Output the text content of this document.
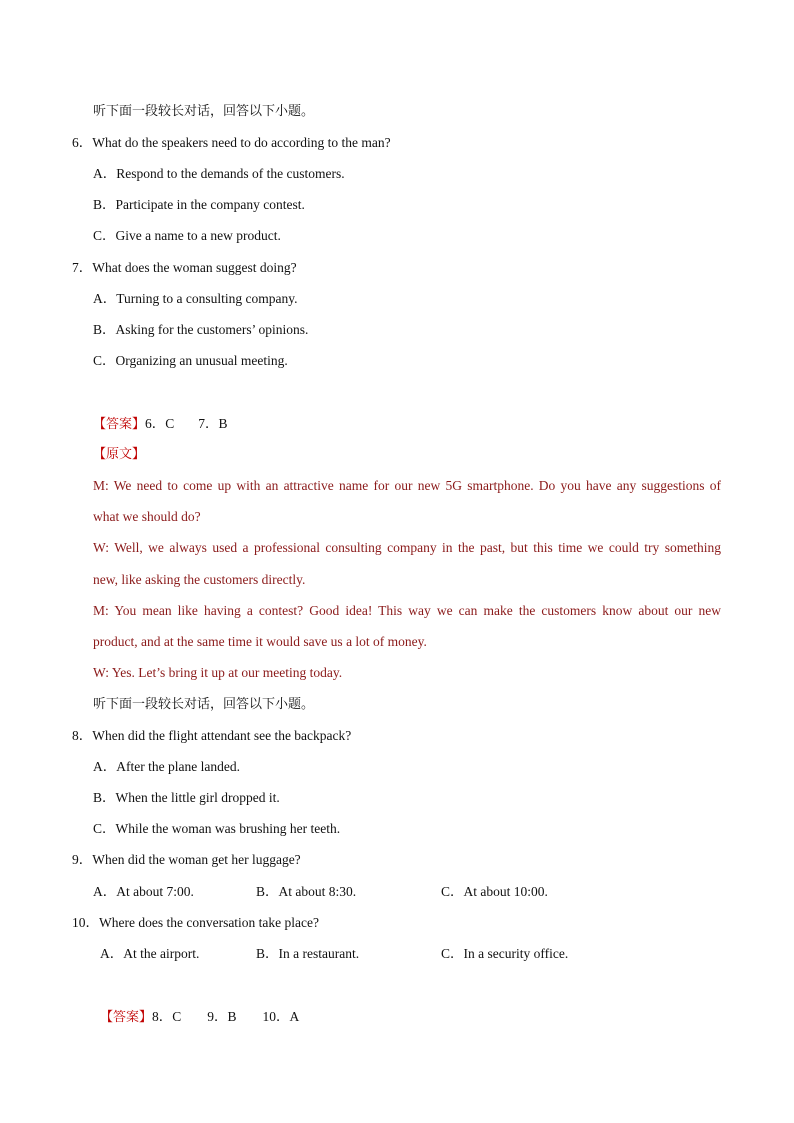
听下面一段较长对话，回答以下小题。
6．What do the speakers need to do according to the man?
A．Respond to the demands of the customers.
B．Participate in the company contest.
C．Give a name to a new product.
7．What does the woman suggest doing?
A．Turning to a consulting company.
B．Asking for the customers’ opinions.
C．Organizing an unusual meeting.
【答案】6．C 7．B
【原文】
M: We need to come up with an attractive name for our new 5G smartphone. Do you have any suggestions of
what we should do?
W: Well, we always used a professional consulting company in the past, but this time we could try something
new, like asking the customers directly.
M: You mean like having a contest? Good idea! This way we can make the customers know about our new
product, and at the same time it would save us a lot of money.
W: Yes. Let’s bring it up at our meeting today.
听下面一段较长对话，回答以下小题。
8．When did the flight attendant see the backpack?
A．After the plane landed.
B．When the little girl dropped it.
C．While the woman was brushing her teeth.
9．When did the woman get her luggage?
A．At about 7:00.	B．At about 8:30.	C．At about 10:00.
10．Where does the conversation take place?
A．At the airport.	B．In a restaurant.	C．In a security office.
【答案】8．C 9．B 10．A
